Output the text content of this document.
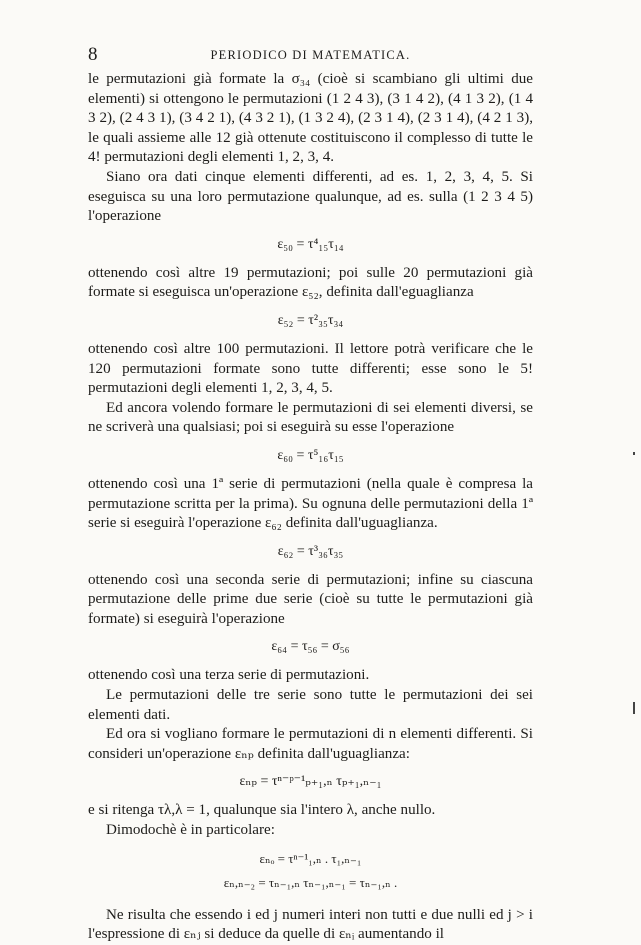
8	PERIODICO DI MATEMATICA.

le permutazioni già formate la σ₃₄ (cioè si scambiano gli ultimi due elementi) si ottengono le permutazioni (1 2 4 3), (3 1 4 2), (4 1 3 2), (1 4 3 2), (2 4 3 1), (3 4 2 1), (4 3 2 1), (1 3 2 4), (2 3 1 4), (2 3 1 4), (4 2 1 3), le quali assieme alle 12 già ottenute costituiscono il complesso di tutte le 4! permutazioni degli elementi 1, 2, 3, 4.

Siano ora dati cinque elementi differenti, ad es. 1, 2, 3, 4, 5. Si eseguisca su una loro permutazione qualunque, ad es. sulla (1 2 3 4 5) l'operazione

ε₅₀ = τ⁴₁₅τ₁₄

ottenendo così altre 19 permutazioni; poi sulle 20 permutazioni già formate si eseguisca un'operazione ε₅₂, definita dall'eguaglianza

ε₅₂ = τ²₃₅τ₃₄

ottenendo così altre 100 permutazioni. Il lettore potrà verificare che le 120 permutazioni formate sono tutte differenti; esse sono le 5! permutazioni degli elementi 1, 2, 3, 4, 5.

Ed ancora volendo formare le permutazioni di sei elementi diversi, se ne scriverà una qualsiasi; poi si eseguirà su esse l'operazione

ε₆₀ = τ⁵₁₆τ₁₅

ottenendo così una 1ª serie di permutazioni (nella quale è compresa la permutazione scritta per la prima). Su ognuna delle permutazioni della 1ª serie si eseguirà l'operazione ε₆₂ definita dall'uguaglianza.

ε₆₂ = τ³₃₆τ₃₅

ottenendo così una seconda serie di permutazioni; infine su ciascuna permutazione delle prime due serie (cioè su tutte le permutazioni già formate) si eseguirà l'operazione

ε₆₄ = τ₅₆ = σ₅₆

ottenendo così una terza serie di permutazioni.

Le permutazioni delle tre serie sono tutte le permutazioni dei sei elementi dati.

Ed ora si vogliano formare le permutazioni di n elementi differenti. Si consideri un'operazione εₙₚ definita dall'uguaglianza:

εₙₚ = τⁿ⁻ᵖ⁻¹ₚ₊₁,ₙ τₚ₊₁,ₙ₋₁

e si ritenga τλ,λ = 1, qualunque sia l'intero λ, anche nullo.

Dimodochè è in particolare:

εₙₒ = τⁿ⁻¹₁,ₙ . τ₁,ₙ₋₁
εₙ,ₙ₋₂ = τₙ₋₁,ₙ τₙ₋₁,ₙ₋₁ = τₙ₋₁,ₙ .

Ne risulta che essendo i ed j numeri interi non tutti e due nulli ed j > i l'espressione di εₙⱼ si deduce da quelle di εₙᵢ aumentando il
